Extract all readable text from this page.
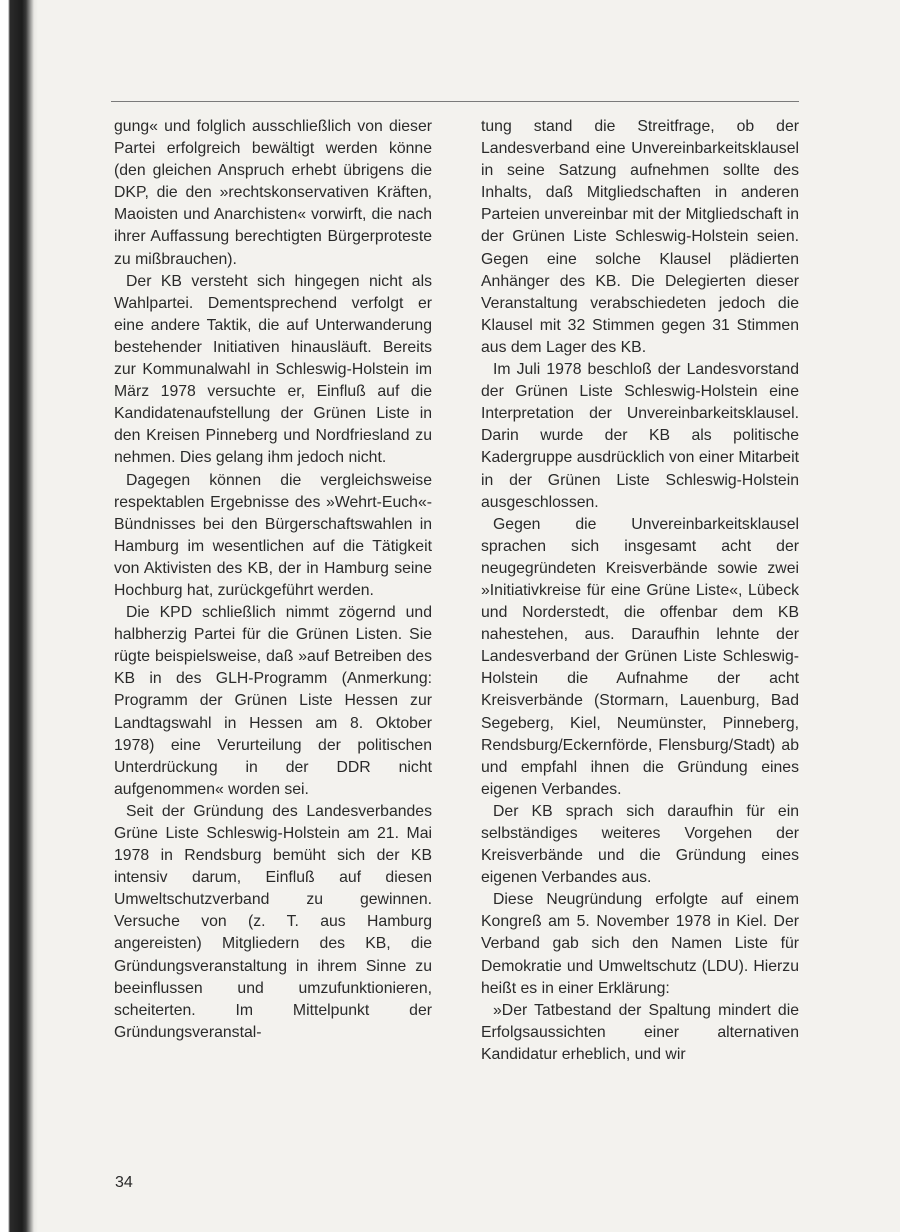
gung« und folglich ausschließlich von dieser Partei erfolgreich bewältigt werden könne (den gleichen Anspruch erhebt übrigens die DKP, die den »rechtskonservativen Kräften, Maoisten und Anarchisten« vorwirft, die nach ihrer Auffassung berechtigten Bürgerproteste zu mißbrauchen).

Der KB versteht sich hingegen nicht als Wahlpartei. Dementsprechend verfolgt er eine andere Taktik, die auf Unterwanderung bestehender Initiativen hinausläuft. Bereits zur Kommunalwahl in Schleswig-Holstein im März 1978 versuchte er, Einfluß auf die Kandidatenaufstellung der Grünen Liste in den Kreisen Pinneberg und Nordfriesland zu nehmen. Dies gelang ihm jedoch nicht.

Dagegen können die vergleichsweise respektablen Ergebnisse des »Wehrt-Euch«-Bündnisses bei den Bürgerschaftswahlen in Hamburg im wesentlichen auf die Tätigkeit von Aktivisten des KB, der in Hamburg seine Hochburg hat, zurückgeführt werden.

Die KPD schließlich nimmt zögernd und halbherzig Partei für die Grünen Listen. Sie rügte beispielsweise, daß »auf Betreiben des KB in des GLH-Programm (Anmerkung: Programm der Grünen Liste Hessen zur Landtagswahl in Hessen am 8. Oktober 1978) eine Verurteilung der politischen Unterdrückung in der DDR nicht aufgenommen« worden sei.

Seit der Gründung des Landesverbandes Grüne Liste Schleswig-Holstein am 21. Mai 1978 in Rendsburg bemüht sich der KB intensiv darum, Einfluß auf diesen Umweltschutzverband zu gewinnen. Versuche von (z. T. aus Hamburg angereisten) Mitgliedern des KB, die Gründungsveranstaltung in ihrem Sinne zu beeinflussen und umzufunktionieren, scheiterten. Im Mittelpunkt der Gründungsveranstal-

tung stand die Streitfrage, ob der Landesverband eine Unvereinbarkeitsklausel in seine Satzung aufnehmen sollte des Inhalts, daß Mitgliedschaften in anderen Parteien unvereinbar mit der Mitgliedschaft in der Grünen Liste Schleswig-Holstein seien. Gegen eine solche Klausel plädierten Anhänger des KB. Die Delegierten dieser Veranstaltung verabschiedeten jedoch die Klausel mit 32 Stimmen gegen 31 Stimmen aus dem Lager des KB.

Im Juli 1978 beschloß der Landesvorstand der Grünen Liste Schleswig-Holstein eine Interpretation der Unvereinbarkeitsklausel. Darin wurde der KB als politische Kadergruppe ausdrücklich von einer Mitarbeit in der Grünen Liste Schleswig-Holstein ausgeschlossen.

Gegen die Unvereinbarkeitsklausel sprachen sich insgesamt acht der neugegründeten Kreisverbände sowie zwei »Initiativkreise für eine Grüne Liste«, Lübeck und Norderstedt, die offenbar dem KB nahestehen, aus. Daraufhin lehnte der Landesverband der Grünen Liste Schleswig-Holstein die Aufnahme der acht Kreisverbände (Stormarn, Lauenburg, Bad Segeberg, Kiel, Neumünster, Pinneberg, Rendsburg/Eckernförde, Flensburg/Stadt) ab und empfahl ihnen die Gründung eines eigenen Verbandes.

Der KB sprach sich daraufhin für ein selbständiges weiteres Vorgehen der Kreisverbände und die Gründung eines eigenen Verbandes aus.

Diese Neugründung erfolgte auf einem Kongreß am 5. November 1978 in Kiel. Der Verband gab sich den Namen Liste für Demokratie und Umweltschutz (LDU). Hierzu heißt es in einer Erklärung:

»Der Tatbestand der Spaltung mindert die Erfolgsaussichten einer alternativen Kandidatur erheblich, und wir

34
